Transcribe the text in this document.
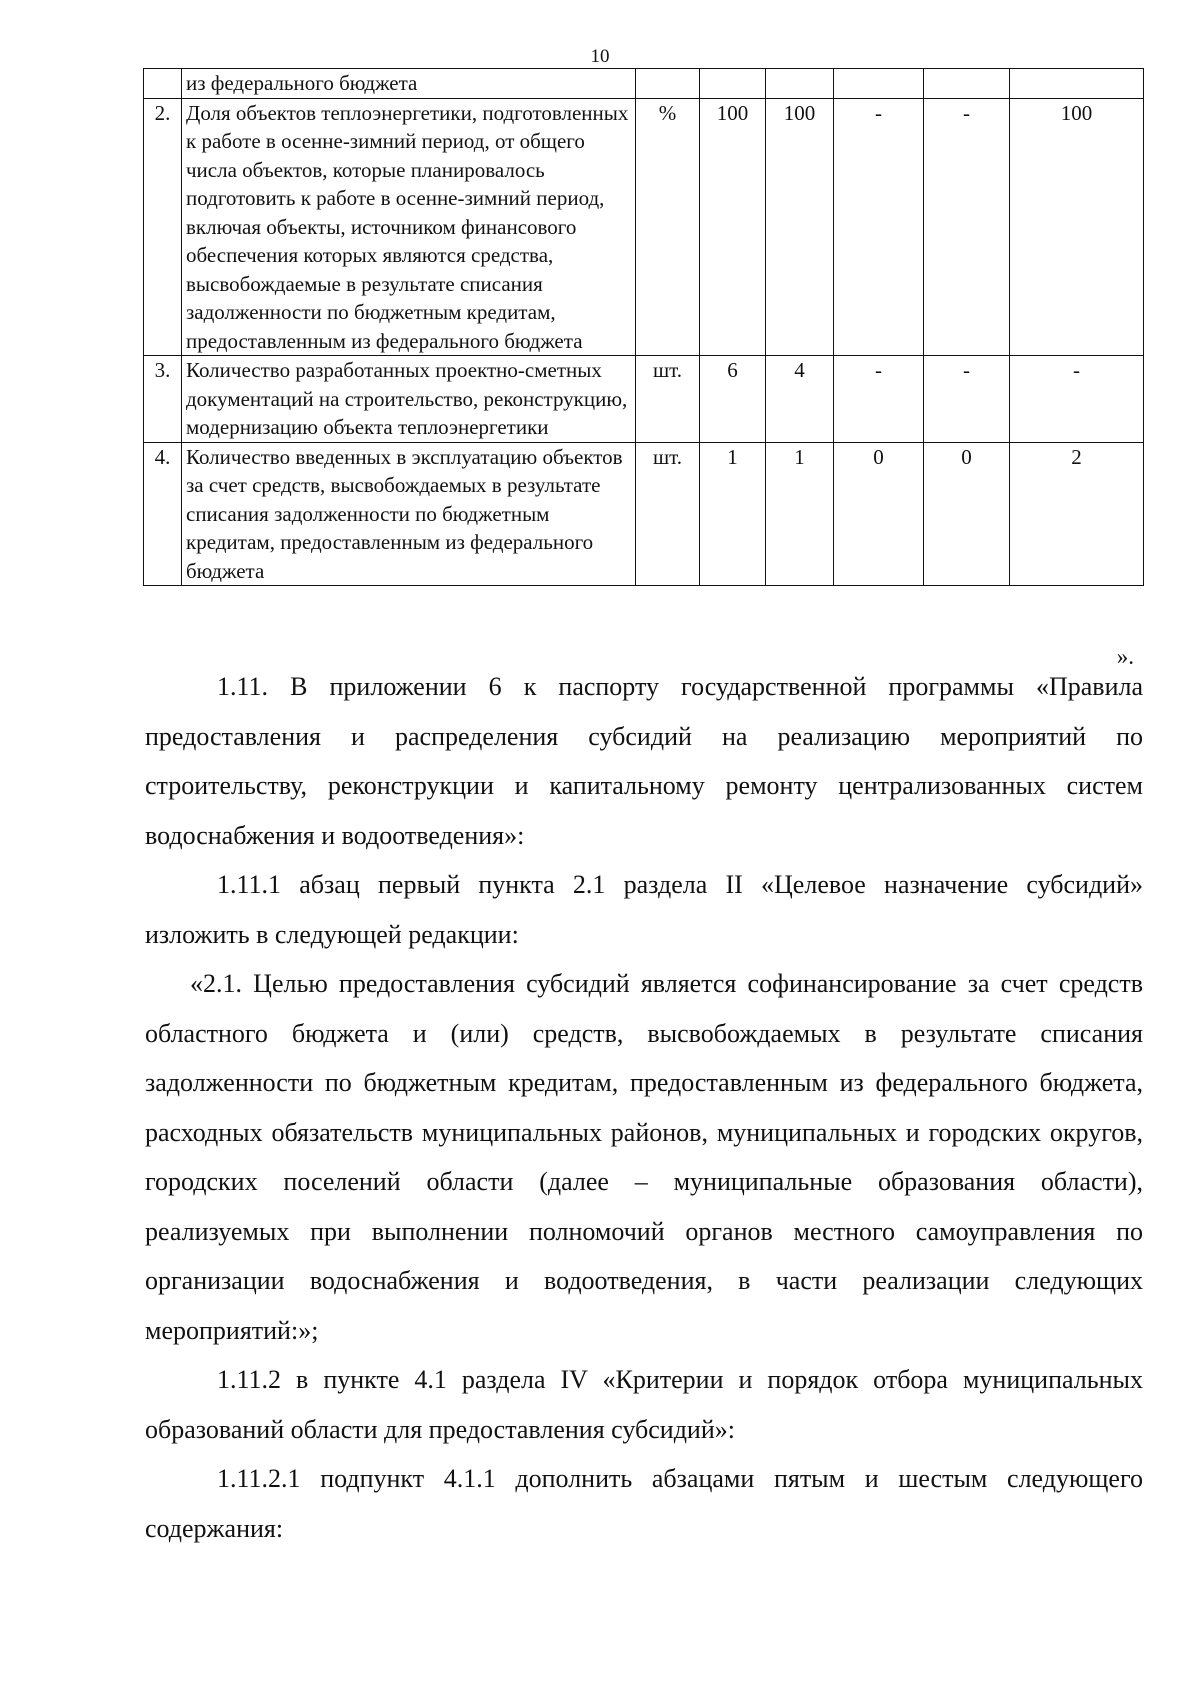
10
	из федерального бюджета						
2.	Доля объектов теплоэнергетики, подготовленных к работе в осенне-зимний период, от общего числа объектов, которые планировалось подготовить к работе в осенне-зимний период, включая объекты, источником финансового обеспечения которых являются средства, высвобождаемые в результате списания задолженности по бюджетным кредитам, предоставленным из федерального бюджета	%	100	100	-	-	100
3.	Количество разработанных проектно-сметных документаций на строительство, реконструкцию, модернизацию объекта теплоэнергетики	шт.	6	4	-	-	-
4.	Количество введенных в эксплуатацию объектов за счет средств, высвобождаемых в результате списания задолженности по бюджетным кредитам, предоставленным из федерального бюджета	шт.	1	1	0	0	2
».

1.11. В приложении 6 к паспорту государственной программы «Правила предоставления и распределения субсидий на реализацию мероприятий по строительству, реконструкции и капитальному ремонту централизованных систем водоснабжения и водоотведения»:

1.11.1 абзац первый пункта 2.1 раздела II «Целевое назначение субсидий» изложить в следующей редакции:

«2.1. Целью предоставления субсидий является софинансирование за счет средств областного бюджета и (или) средств, высвобождаемых в результате списания задолженности по бюджетным кредитам, предоставленным из федерального бюджета, расходных обязательств муниципальных районов, муниципальных и городских округов, городских поселений области (далее – муниципальные образования области), реализуемых при выполнении полномочий органов местного самоуправления по организации водоснабжения и водоотведения, в части реализации следующих мероприятий:»;

1.11.2 в пункте 4.1 раздела IV «Критерии и порядок отбора муниципальных образований области для предоставления субсидий»:

1.11.2.1 подпункт 4.1.1 дополнить абзацами пятым и шестым следующего содержания:
